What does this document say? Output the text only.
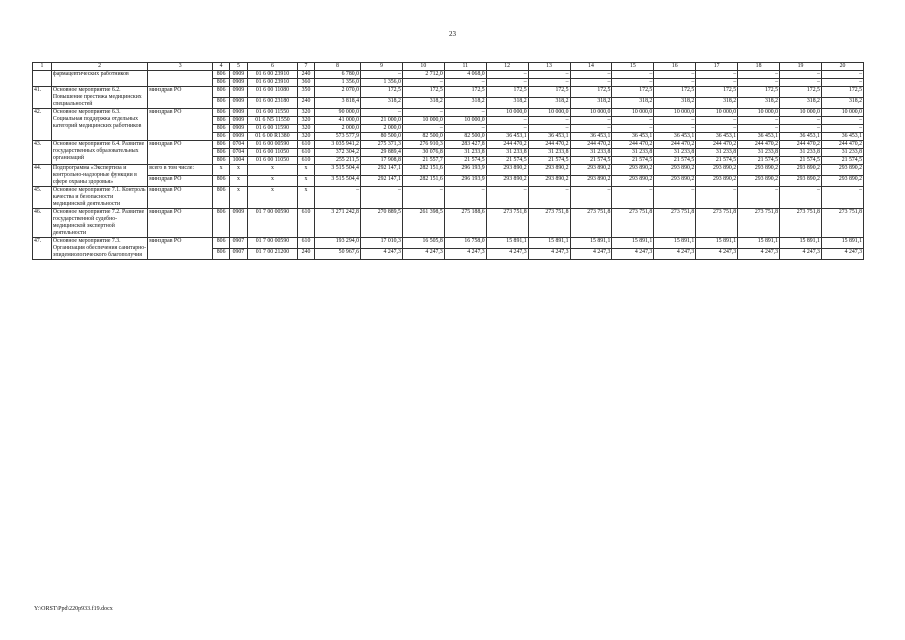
23
1	2	3	4	5	6	7	8	9	10	11	12	13	14	15	16	17	18	19	20
	фармацевтических работников		806	0909	01 6 00 23910	240	6 780,0	–	2 712,0	4 068,0	–	–	–	–	–	–	–	–	–
			806	0909	01 6 00 23910	360	1 356,0	1 356,0	–	–	–	–	–	–	–	–	–	–	–
41.	Основное мероприятие 6.2. Повышение престижа медицинских специальностей	минздрав РО	806	0909	01 6 00 11080	350	2 070,0	172,5	172,5	172,5	172,5	172,5	172,5	172,5	172,5	172,5	172,5	172,5	172,5
			806	0909	01 6 00 23180	240	3 818,4	318,2	318,2	318,2	318,2	318,2	318,2	318,2	318,2	318,2	318,2	318,2	318,2
42.	Основное мероприятие 6.3. Социальная поддержка отдельных категорий медицинских работников	минздрав РО	806	0909	01 6 00 11550	320	90 000,0	–	–	–	10 000,0	10 000,0	10 000,0	10 000,0	10 000,0	10 000,0	10 000,0	10 000,0	10 000,0
			806	0909	01 6 N5 11550	320	41 000,0	21 000,0	10 000,0	10 000,0	–	–	–	–	–	–	–	–	–
			806	0909	01 6 00 11590	320	2 000,0	2 000,0	–	–	–	–	–	–	–	–	–	–	–
			806	0909	01 6 00 R1380	320	573 577,9	80 500,0	82 500,0	82 500,0	36 453,1	36 453,1	36 453,1	36 453,1	36 453,1	36 453,1	36 453,1	36 453,1	36 453,1
43.	Основное мероприятие 6.4. Развитие государственных образовательных организаций	минздрав РО	806	0704	01 6 00 00590	610	3 035 941,2	275 371,3	276 910,3	283 427,8	244 470,2	244 470,2	244 470,2	244 470,2	244 470,2	244 470,2	244 470,2	244 470,2	244 470,2
			806	0704	01 6 00 11050	610	372 304,2	29 889,4	30 076,8	31 233,8	31 233,8	31 233,8	31 233,8	31 233,8	31 233,8	31 233,8	31 233,8	31 233,8	31 233,8
			806	1004	01 6 00 11050	610	255 211,5	17 908,8	21 557,7	21 574,5	21 574,5	21 574,5	21 574,5	21 574,5	21 574,5	21 574,5	21 574,5	21 574,5	21 574,5
44.	Подпрограмма «Экспертиза и контрольно-надзорные функции в сфере охраны здоровья»	всего в том числе:	х	х	х	х	3 515 504,4	292 147,1	282 151,6	296 193,9	293 890,2	293 890,2	293 890,2	293 890,2	293 890,2	293 890,2	293 890,2	293 890,2	293 890,2
		минздрав РО	806	х	х	х	3 515 504,4	292 147,1	282 151,6	296 193,9	293 890,2	293 890,2	293 890,2	293 890,2	293 890,2	293 890,2	293 890,2	293 890,2	293 890,2
45.	Основное мероприятие 7.1. Контроль качества и безопасности медицинской деятельности	минздрав РО	806	х	х	х	–	–	–	–	–	–	–	–	–	–	–	–	–
46.	Основное мероприятие 7.2. Развитие государственной судебно-медицинской экспертной деятельности	минздрав РО	806	0909	01 7 00 00590	610	3 271 242,8	270 889,5	261 398,5	275 188,6	273 751,8	273 751,8	273 751,8	273 751,8	273 751,8	273 751,8	273 751,8	273 751,8	273 751,8
47.	Основное мероприятие 7.3. Организация обеспечения санитарно-эпидемиологического благополучия	минздрав РО	806	0907	01 7 00 00590	610	193 294,0	17 010,3	16 505,8	16 758,0	15 891,1	15 891,1	15 891,1	15 891,1	15 891,1	15 891,1	15 891,1	15 891,1	15 891,1
			806	0907	01 7 00 21200	240	50 967,6	4 247,3	4 247,3	4 247,3	4 247,3	4 247,3	4 247,3	4 247,3	4 247,3	4 247,3	4 247,3	4 247,3	4 247,3
Y:\ORST\Ppd\220p933.f19.docx
